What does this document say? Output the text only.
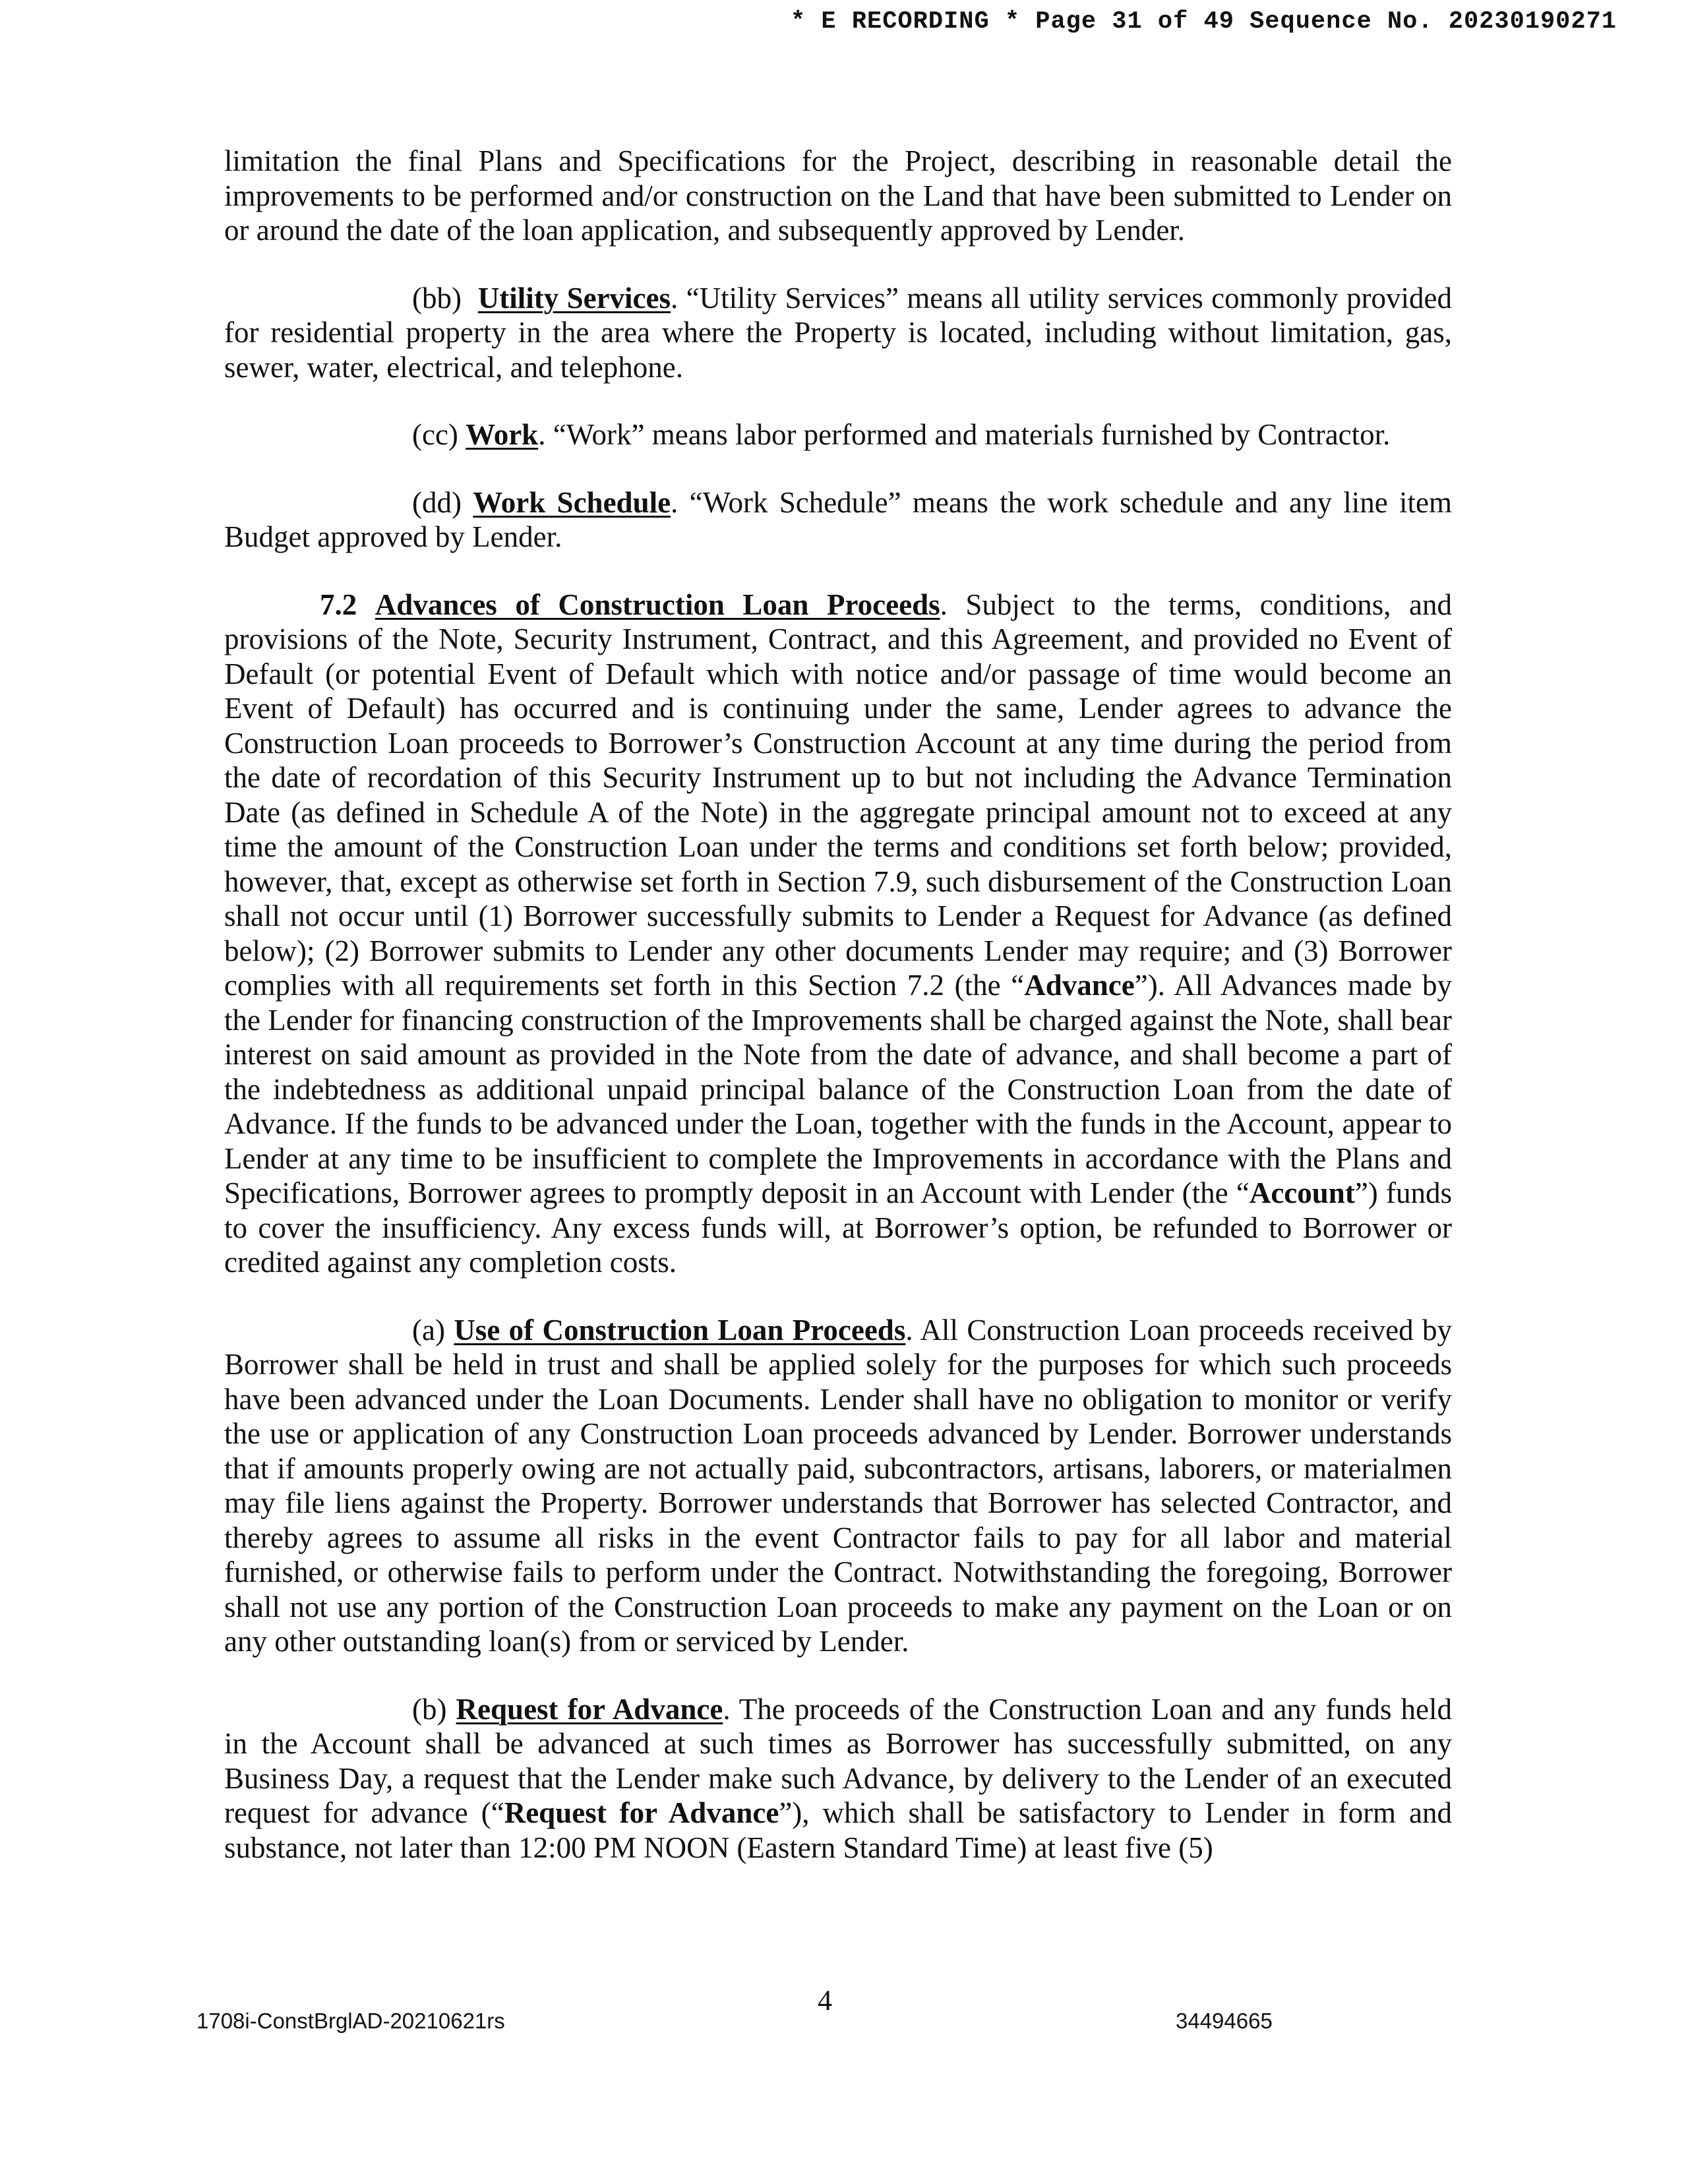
* E RECORDING * Page 31 of 49 Sequence No. 20230190271

limitation the final Plans and Specifications for the Project, describing in reasonable detail the improvements to be performed and/or construction on the Land that have been submitted to Lender on or around the date of the loan application, and subsequently approved by Lender.

(bb) Utility Services. “Utility Services” means all utility services commonly provided for residential property in the area where the Property is located, including without limitation, gas, sewer, water, electrical, and telephone.

(cc) Work. “Work” means labor performed and materials furnished by Contractor.

(dd) Work Schedule. “Work Schedule” means the work schedule and any line item Budget approved by Lender.

7.2 Advances of Construction Loan Proceeds. Subject to the terms, conditions, and provisions of the Note, Security Instrument, Contract, and this Agreement, and provided no Event of Default (or potential Event of Default which with notice and/or passage of time would become an Event of Default) has occurred and is continuing under the same, Lender agrees to advance the Construction Loan proceeds to Borrower’s Construction Account at any time during the period from the date of recordation of this Security Instrument up to but not including the Advance Termination Date (as defined in Schedule A of the Note) in the aggregate principal amount not to exceed at any time the amount of the Construction Loan under the terms and conditions set forth below; provided, however, that, except as otherwise set forth in Section 7.9, such disbursement of the Construction Loan shall not occur until (1) Borrower successfully submits to Lender a Request for Advance (as defined below); (2) Borrower submits to Lender any other documents Lender may require; and (3) Borrower complies with all requirements set forth in this Section 7.2 (the “Advance”). All Advances made by the Lender for financing construction of the Improvements shall be charged against the Note, shall bear interest on said amount as provided in the Note from the date of advance, and shall become a part of the indebtedness as additional unpaid principal balance of the Construction Loan from the date of Advance. If the funds to be advanced under the Loan, together with the funds in the Account, appear to Lender at any time to be insufficient to complete the Improvements in accordance with the Plans and Specifications, Borrower agrees to promptly deposit in an Account with Lender (the “Account”) funds to cover the insufficiency. Any excess funds will, at Borrower’s option, be refunded to Borrower or credited against any completion costs.

(a) Use of Construction Loan Proceeds. All Construction Loan proceeds received by Borrower shall be held in trust and shall be applied solely for the purposes for which such proceeds have been advanced under the Loan Documents. Lender shall have no obligation to monitor or verify the use or application of any Construction Loan proceeds advanced by Lender. Borrower understands that if amounts properly owing are not actually paid, subcontractors, artisans, laborers, or materialmen may file liens against the Property. Borrower understands that Borrower has selected Contractor, and thereby agrees to assume all risks in the event Contractor fails to pay for all labor and material furnished, or otherwise fails to perform under the Contract. Notwithstanding the foregoing, Borrower shall not use any portion of the Construction Loan proceeds to make any payment on the Loan or on any other outstanding loan(s) from or serviced by Lender.

(b) Request for Advance. The proceeds of the Construction Loan and any funds held in the Account shall be advanced at such times as Borrower has successfully submitted, on any Business Day, a request that the Lender make such Advance, by delivery to the Lender of an executed request for advance (“Request for Advance”), which shall be satisfactory to Lender in form and substance, not later than 12:00 PM NOON (Eastern Standard Time) at least five (5)

4
1708i-ConstBrglAD-20210621rs	34494665
